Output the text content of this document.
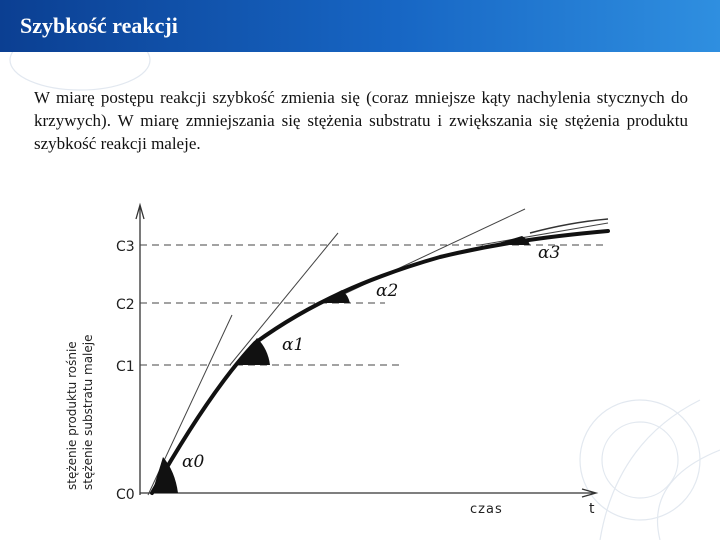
Szybkość reakcji
W miarę postępu reakcji szybkość zmienia się (coraz mniejsze kąty nachylenia stycznych do krzywych). W miarę zmniejszania się stężenia substratu i zwiększania się stężenia produktu szybkość reakcji maleje.
C3
C2
C1
C0
czas	t
stężenie produktu rośnie stężenie substratu maleje	α0
α1
α2
α3
